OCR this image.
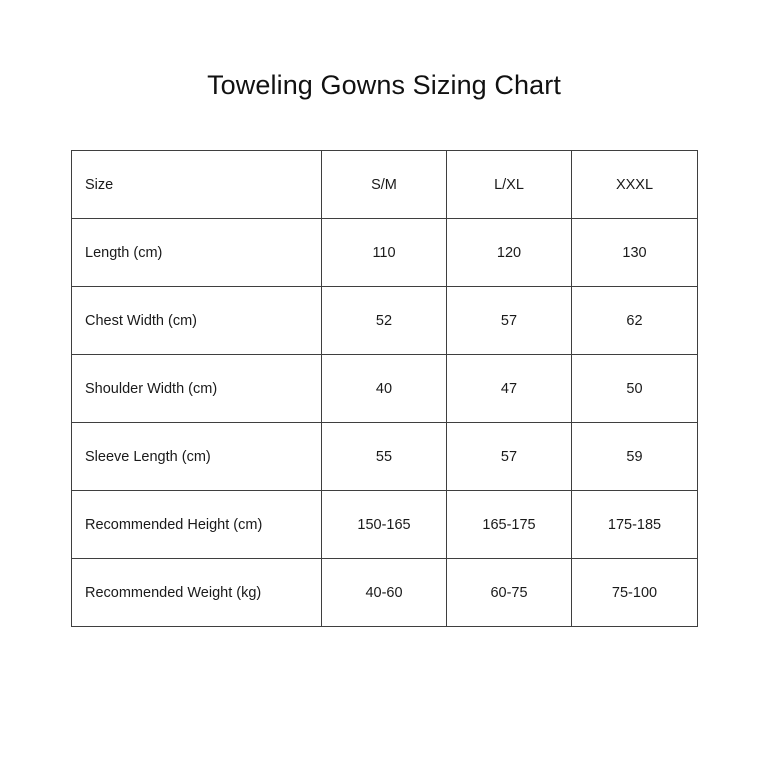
Toweling Gowns Sizing Chart
Size	S/M	L/XL	XXXL
Length (cm)	110	120	130
Chest Width (cm)	52	57	62
Shoulder Width (cm)	40	47	50
Sleeve Length (cm)	55	57	59
Recommended Height (cm)	150-165	165-175	175-185
Recommended Weight (kg)	40-60	60-75	75-100
